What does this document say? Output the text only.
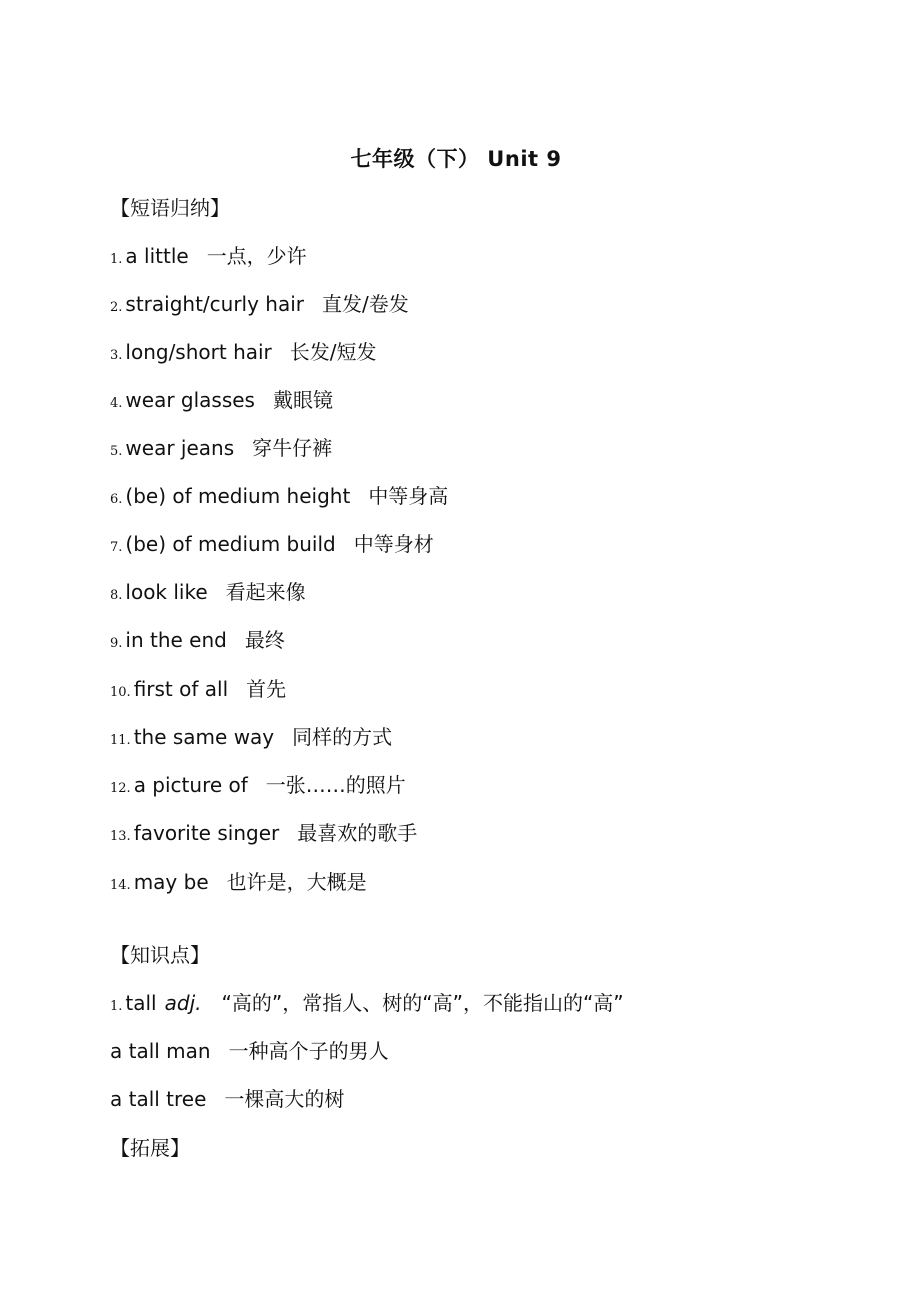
七年级（下） Unit 9
【短语归纳】
1. a little 一点，少许
2. straight/curly hair 直发/卷发
3. long/short hair 长发/短发
4. wear glasses 戴眼镜
5. wear jeans 穿牛仔裤
6. (be) of medium height 中等身高
7. (be) of medium build 中等身材
8. look like 看起来像
9. in the end 最终
10. first of all 首先
11. the same way 同样的方式
12. a picture of 一张……的照片
13. favorite singer 最喜欢的歌手
14. may be 也许是，大概是
【知识点】
1. tall adj. “高的”，常指人、树的“高”，不能指山的“高”
a tall man 一种高个子的男人
a tall tree 一棵高大的树
【拓展】
